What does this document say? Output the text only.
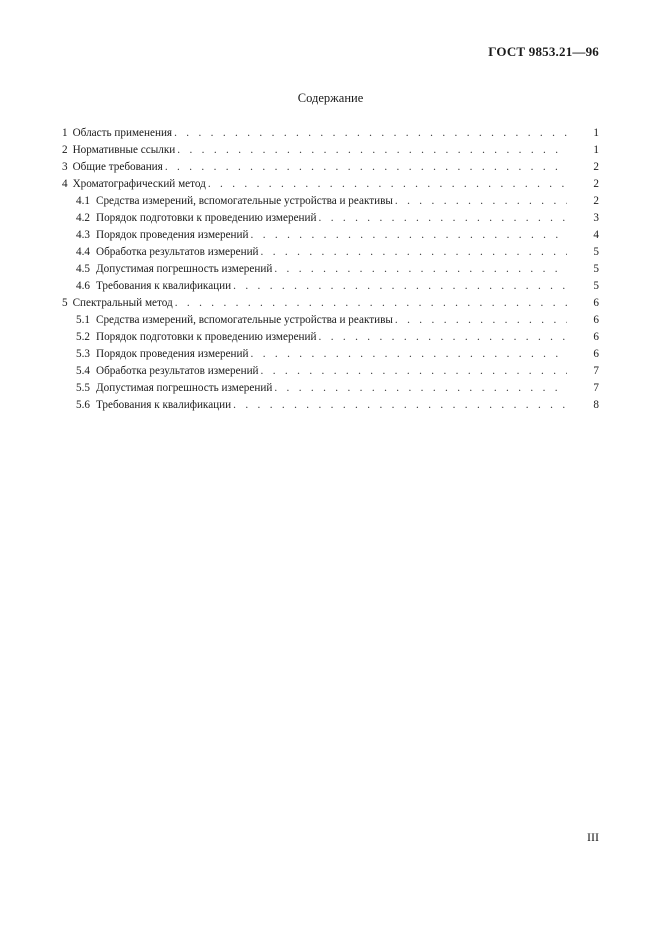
ГОСТ 9853.21—96
Содержание
1 Область применения . . .	1
2 Нормативные ссылки . . .	1
3 Общие требования . . .	2
4 Хроматографический метод . . .	2
4.1 Средства измерений, вспомогательные устройства и реактивы . . .	2
4.2 Порядок подготовки к проведению измерений . . .	3
4.3 Порядок проведения измерений . . .	4
4.4 Обработка результатов измерений . . .	5
4.5 Допустимая погрешность измерений . . .	5
4.6 Требования к квалификации . . .	5
5 Спектральный метод . . .	6
5.1 Средства измерений, вспомогательные устройства и реактивы . . .	6
5.2 Порядок подготовки к проведению измерений . . .	6
5.3 Порядок проведения измерений . . .	6
5.4 Обработка результатов измерений . . .	7
5.5 Допустимая погрешность измерений . . .	7
5.6 Требования к квалификации . . .	8
III
